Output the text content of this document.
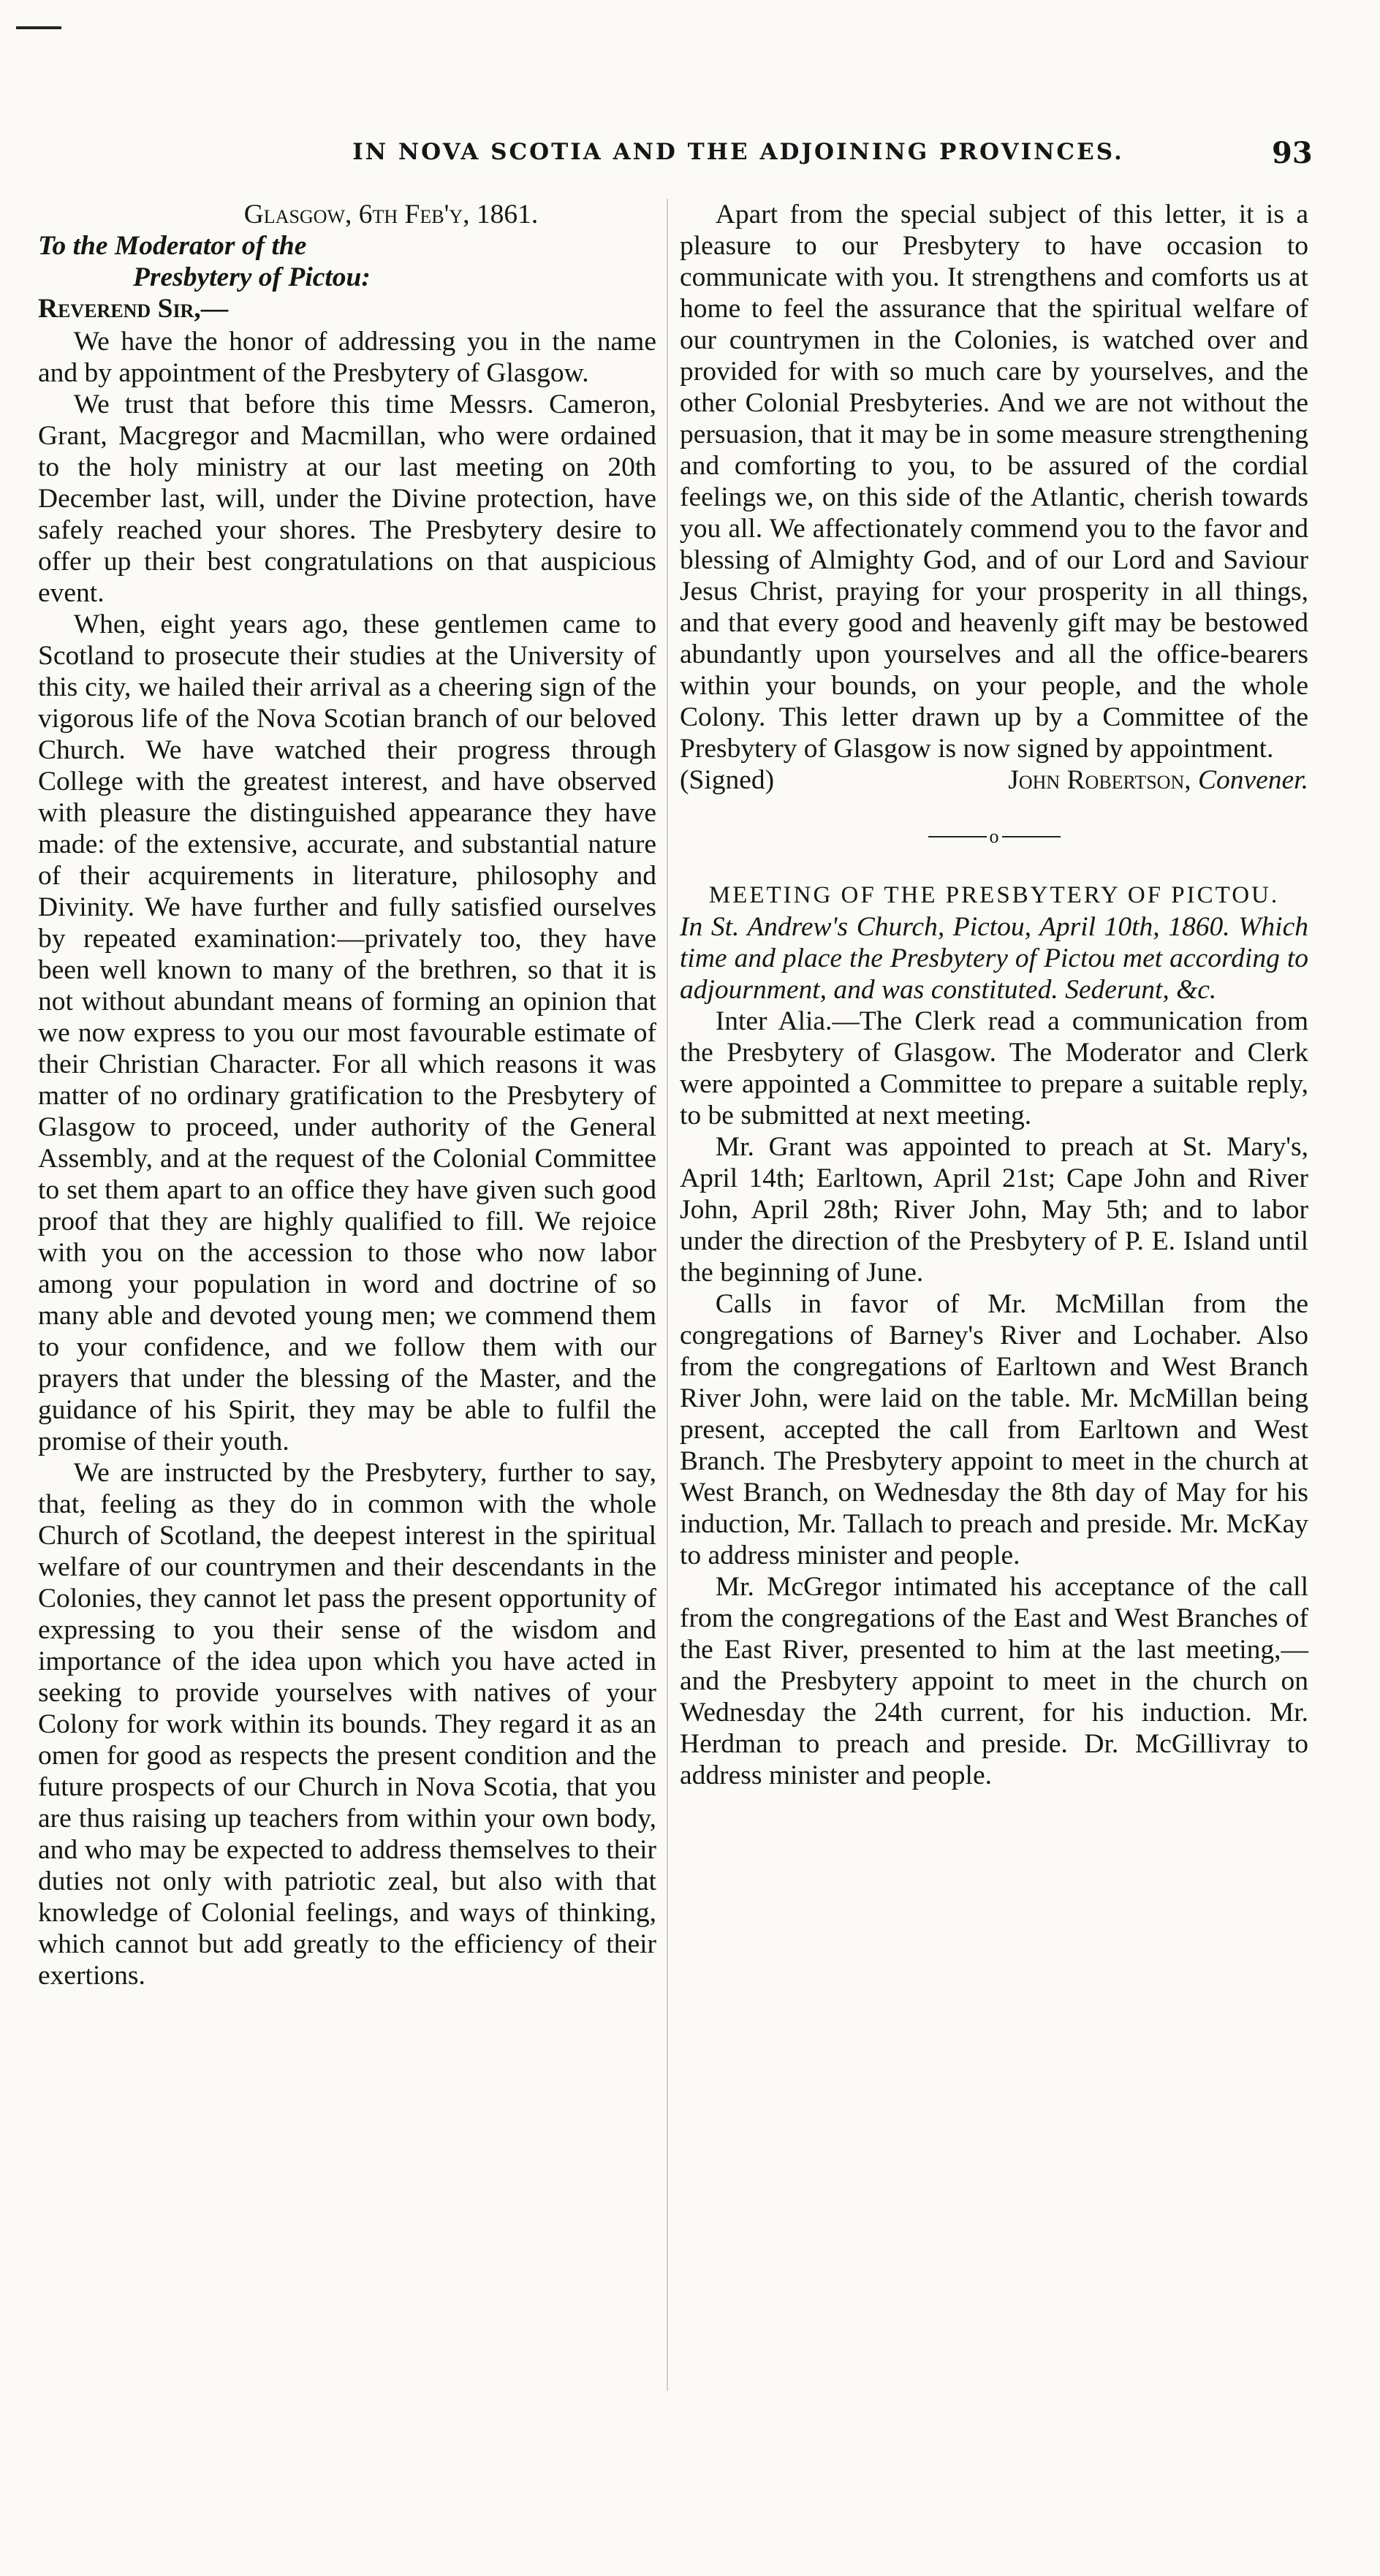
IN NOVA SCOTIA AND THE ADJOINING PROVINCES.	93
Glasgow, 6th Feb'y, 1861.
To the Moderator of the
Presbytery of Pictou:
Reverend Sir,—

We have the honor of addressing you in the name and by appointment of the Presbytery of Glasgow.

We trust that before this time Messrs. Cameron, Grant, Macgregor and Macmillan, who were ordained to the holy ministry at our last meeting on 20th December last, will, under the Divine protection, have safely reached your shores. The Presbytery desire to offer up their best congratulations on that auspicious event.

When, eight years ago, these gentlemen came to Scotland to prosecute their studies at the University of this city, we hailed their arrival as a cheering sign of the vigorous life of the Nova Scotian branch of our beloved Church. We have watched their progress through College with the greatest interest, and have observed with pleasure the distinguished appearance they have made: of the extensive, accurate, and substantial nature of their acquirements in literature, philosophy and Divinity. We have further and fully satisfied ourselves by repeated examination:—privately too, they have been well known to many of the brethren, so that it is not without abundant means of forming an opinion that we now express to you our most favourable estimate of their Christian Character. For all which reasons it was matter of no ordinary gratification to the Presbytery of Glasgow to proceed, under authority of the General Assembly, and at the request of the Colonial Committee to set them apart to an office they have given such good proof that they are highly qualified to fill. We rejoice with you on the accession to those who now labor among your population in word and doctrine of so many able and devoted young men; we commend them to your confidence, and we follow them with our prayers that under the blessing of the Master, and the guidance of his Spirit, they may be able to fulfil the promise of their youth.

We are instructed by the Presbytery, further to say, that, feeling as they do in common with the whole Church of Scotland, the deepest interest in the spiritual welfare of our countrymen and their descendants in the Colonies, they cannot let pass the present opportunity of expressing to you their sense of the wisdom and importance of the idea upon which you have acted in seeking to provide yourselves with natives of your Colony for work within its bounds. They regard it as an omen for good as respects the present condition and the future prospects of our Church in Nova Scotia, that you are thus raising up teachers from within your own body, and who may be expected to address themselves to their duties not only with patriotic zeal, but also with that knowledge of Colonial feelings, and ways of thinking, which cannot but add greatly to the efficiency of their exertions.

Apart from the special subject of this letter, it is a pleasure to our Presbytery to have occasion to communicate with you. It strengthens and comforts us at home to feel the assurance that the spiritual welfare of our countrymen in the Colonies, is watched over and provided for with so much care by yourselves, and the other Colonial Presbyteries. And we are not without the persuasion, that it may be in some measure strengthening and comforting to you, to be assured of the cordial feelings we, on this side of the Atlantic, cherish towards you all. We affectionately commend you to the favor and blessing of Almighty God, and of our Lord and Saviour Jesus Christ, praying for your prosperity in all things, and that every good and heavenly gift may be bestowed abundantly upon yourselves and all the office-bearers within your bounds, on your people, and the whole Colony. This letter drawn up by a Committee of the Presbytery of Glasgow is now signed by appointment.

(Signed)	John Robertson, Convener.
o
MEETING OF THE PRESBYTERY OF PICTOU.

In St. Andrew's Church, Pictou, April 10th, 1860. Which time and place the Presbytery of Pictou met according to adjournment, and was constituted. Sederunt, &c.

Inter Alia.—The Clerk read a communication from the Presbytery of Glasgow. The Moderator and Clerk were appointed a Committee to prepare a suitable reply, to be submitted at next meeting.

Mr. Grant was appointed to preach at St. Mary's, April 14th; Earltown, April 21st; Cape John and River John, April 28th; River John, May 5th; and to labor under the direction of the Presbytery of P. E. Island until the beginning of June.

Calls in favor of Mr. McMillan from the congregations of Barney's River and Lochaber. Also from the congregations of Earltown and West Branch River John, were laid on the table. Mr. McMillan being present, accepted the call from Earltown and West Branch. The Presbytery appoint to meet in the church at West Branch, on Wednesday the 8th day of May for his induction, Mr. Tallach to preach and preside. Mr. McKay to address minister and people.

Mr. McGregor intimated his acceptance of the call from the congregations of the East and West Branches of the East River, presented to him at the last meeting,—and the Presbytery appoint to meet in the church on Wednesday the 24th current, for his induction. Mr. Herdman to preach and preside. Dr. McGillivray to address minister and people.
